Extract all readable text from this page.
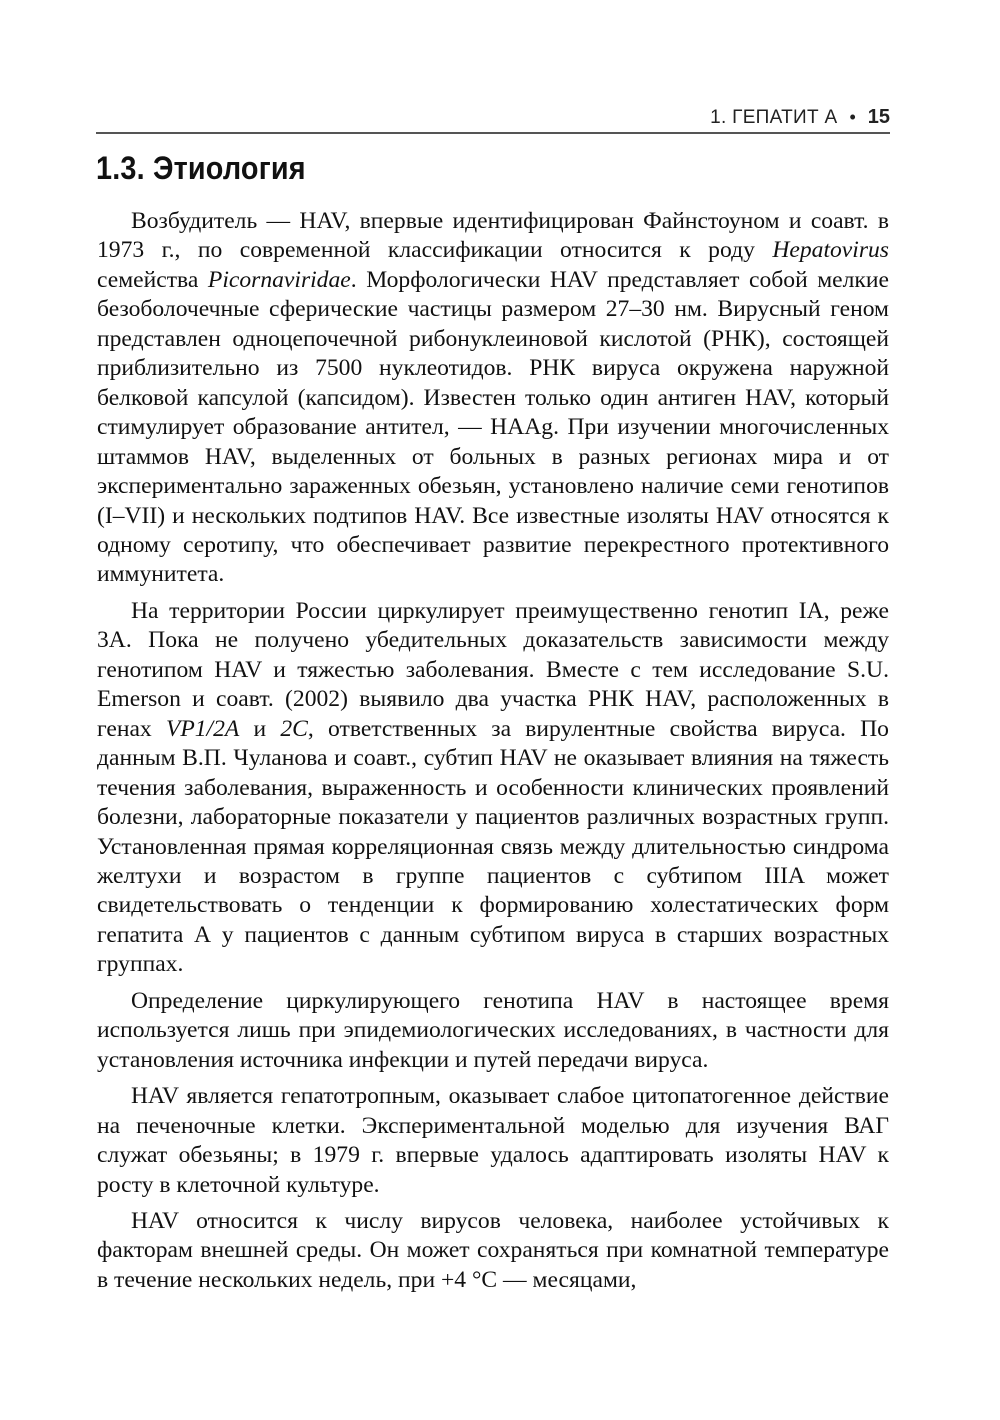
1. ГЕПАТИТ А • 15
1.3. Этиология

Возбудитель — HAV, впервые идентифицирован Файнстоуном и соавт. в 1973 г., по современной классификации относится к роду Hepatovirus семейства Picornaviridae. Морфологически HAV представляет собой мелкие безоболочечные сферические частицы размером 27–30 нм. Вирусный геном представлен одноцепочечной рибонуклеиновой кислотой (РНК), состоящей приблизительно из 7500 нуклеотидов. РНК вируса окружена наружной белковой капсулой (капсидом). Известен только один антиген HAV, который стимулирует образование антител, — HAAg. При изучении многочисленных штаммов HAV, выделенных от больных в разных регионах мира и от экспериментально зараженных обезьян, установлено наличие семи генотипов (I–VII) и нескольких подтипов HAV. Все известные изоляты HAV относятся к одному серотипу, что обеспечивает развитие перекрестного протективного иммунитета.

На территории России циркулирует преимущественно генотип IA, реже 3A. Пока не получено убедительных доказательств зависимости между генотипом HAV и тяжестью заболевания. Вместе с тем исследование S.U. Emerson и соавт. (2002) выявило два участка РНК HAV, расположенных в генах VP1/2A и 2C, ответственных за вирулентные свойства вируса. По данным В.П. Чуланова и соавт., субтип HAV не оказывает влияния на тяжесть течения заболевания, выраженность и особенности клинических проявлений болезни, лабораторные показатели у пациентов различных возрастных групп. Установленная прямая корреляционная связь между длительностью синдрома желтухи и возрастом в группе пациентов с субтипом IIIA может свидетельствовать о тенденции к формированию холестатических форм гепатита А у пациентов с данным субтипом вируса в старших возрастных группах.

Определение циркулирующего генотипа HAV в настоящее время используется лишь при эпидемиологических исследованиях, в частности для установления источника инфекции и путей передачи вируса.

HAV является гепатотропным, оказывает слабое цитопатогенное действие на печеночные клетки. Экспериментальной моделью для изучения ВАГ служат обезьяны; в 1979 г. впервые удалось адаптировать изоляты HAV к росту в клеточной культуре.

HAV относится к числу вирусов человека, наиболее устойчивых к факторам внешней среды. Он может сохраняться при комнатной температуре в течение нескольких недель, при +4 °С — месяцами,
